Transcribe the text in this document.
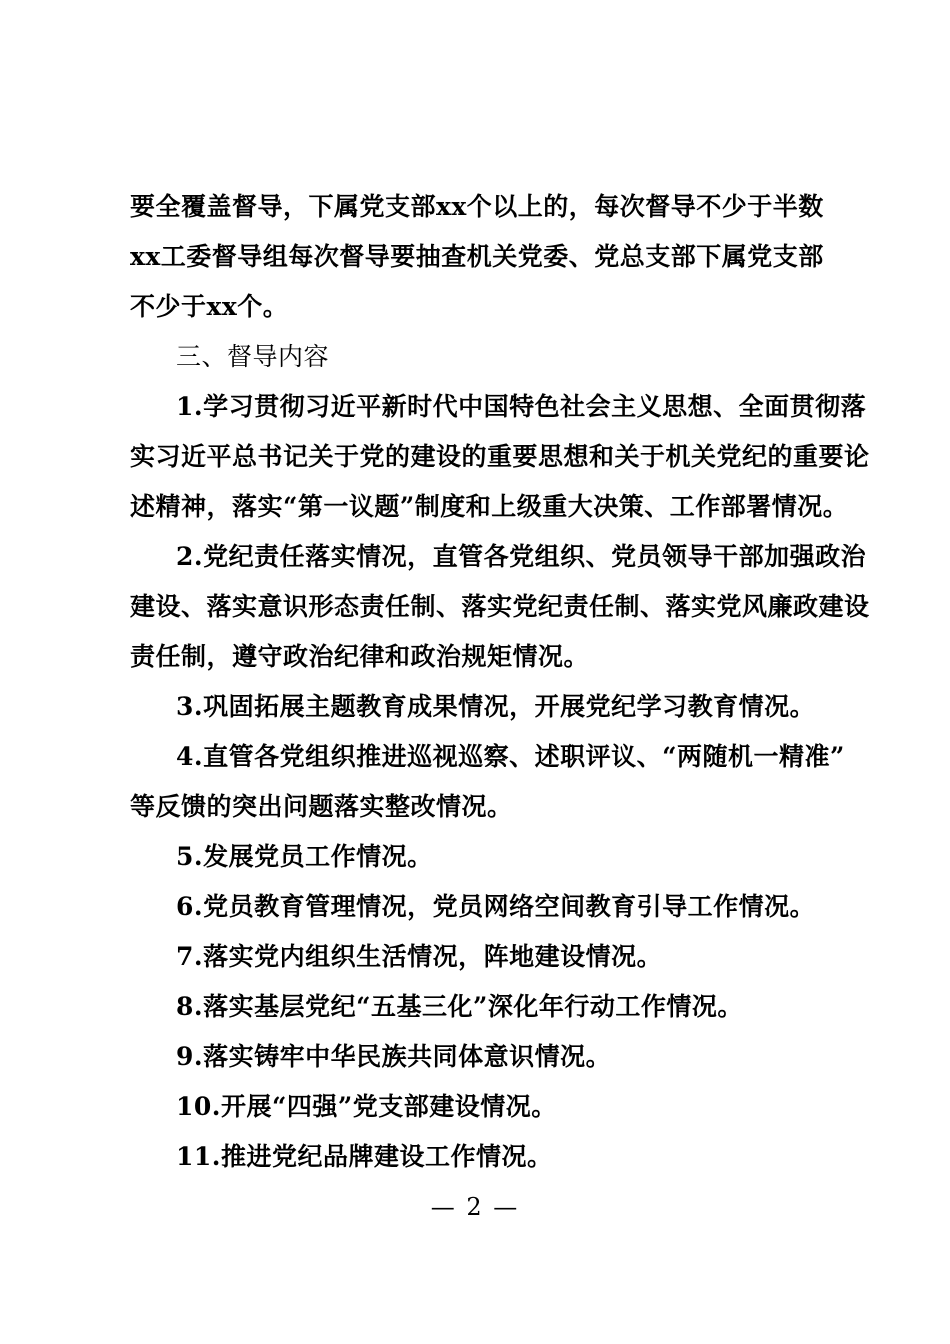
要全覆盖督导，下属党支部xx个以上的，每次督导不少于半数
xx工委督导组每次督导要抽查机关党委、党总支部下属党支部
不少于xx个。
三、督导内容
1.学习贯彻习近平新时代中国特色社会主义思想、全面贯彻落
实习近平总书记关于党的建设的重要思想和关于机关党纪的重要论
述精神，落实“第一议题”制度和上级重大决策、工作部署情况。
2.党纪责任落实情况，直管各党组织、党员领导干部加强政治
建设、落实意识形态责任制、落实党纪责任制、落实党风廉政建设
责任制，遵守政治纪律和政治规矩情况。
3.巩固拓展主题教育成果情况，开展党纪学习教育情况。
4.直管各党组织推进巡视巡察、述职评议、“两随机一精准”
等反馈的突出问题落实整改情况。
5.发展党员工作情况。
6.党员教育管理情况，党员网络空间教育引导工作情况。
7.落实党内组织生活情况，阵地建设情况。
8.落实基层党纪“五基三化”深化年行动工作情况。
9.落实铸牢中华民族共同体意识情况。
10.开展“四强”党支部建设情况。
11.推进党纪品牌建设工作情况。
— 2 —
